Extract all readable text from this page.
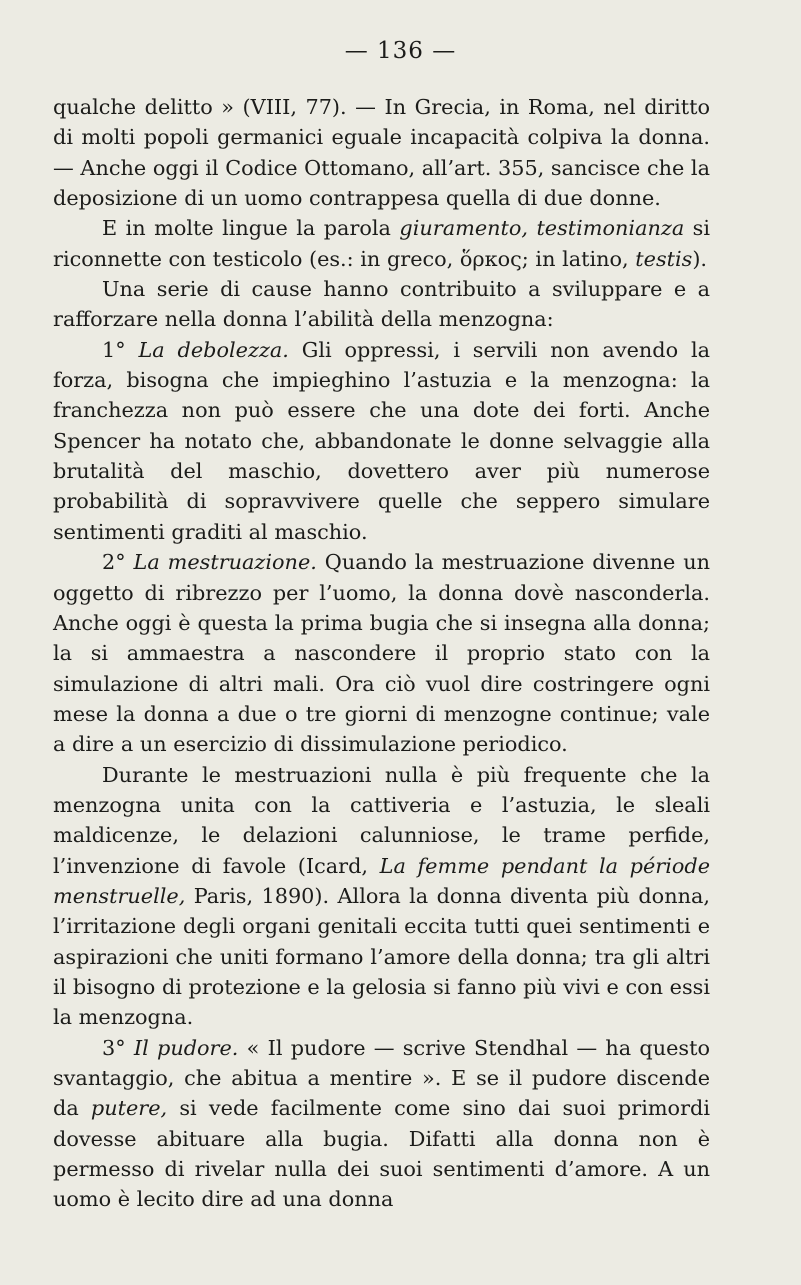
— 136 —

qualche delitto » (VIII, 77). — In Grecia, in Roma, nel diritto di molti popoli germanici eguale incapacità colpiva la donna. — Anche oggi il Codice Ottomano, all’art. 355, sancisce che la deposizione di un uomo contrappesa quella di due donne.

E in molte lingue la parola giuramento, testimonianza si riconnette con testicolo (es.: in greco, ὅρκος; in latino, testis).

Una serie di cause hanno contribuito a sviluppare e a rafforzare nella donna l’abilità della menzogna:

1° La debolezza. Gli oppressi, i servili non avendo la forza, bisogna che impieghino l’astuzia e la menzogna: la franchezza non può essere che una dote dei forti. Anche Spencer ha notato che, abbandonate le donne selvaggie alla brutalità del maschio, dovettero aver più numerose probabilità di sopravvivere quelle che seppero simulare sentimenti graditi al maschio.

2° La mestruazione. Quando la mestruazione divenne un oggetto di ribrezzo per l’uomo, la donna dovè nasconderla. Anche oggi è questa la prima bugia che si insegna alla donna; la si ammaestra a nascondere il proprio stato con la simulazione di altri mali. Ora ciò vuol dire costringere ogni mese la donna a due o tre giorni di menzogne continue; vale a dire a un esercizio di dissimulazione periodico.

Durante le mestruazioni nulla è più frequente che la menzogna unita con la cattiveria e l’astuzia, le sleali maldicenze, le delazioni calunniose, le trame perfide, l’invenzione di favole (Icard, La femme pendant la période menstruelle, Paris, 1890). Allora la donna diventa più donna, l’irritazione degli organi genitali eccita tutti quei sentimenti e aspirazioni che uniti formano l’amore della donna; tra gli altri il bisogno di protezione e la gelosia si fanno più vivi e con essi la menzogna.

3° Il pudore. « Il pudore — scrive Stendhal — ha questo svantaggio, che abitua a mentire ». E se il pudore discende da putere, si vede facilmente come sino dai suoi primordi dovesse abituare alla bugia. Difatti alla donna non è permesso di rivelar nulla dei suoi sentimenti d’amore. A un uomo è lecito dire ad una donna
